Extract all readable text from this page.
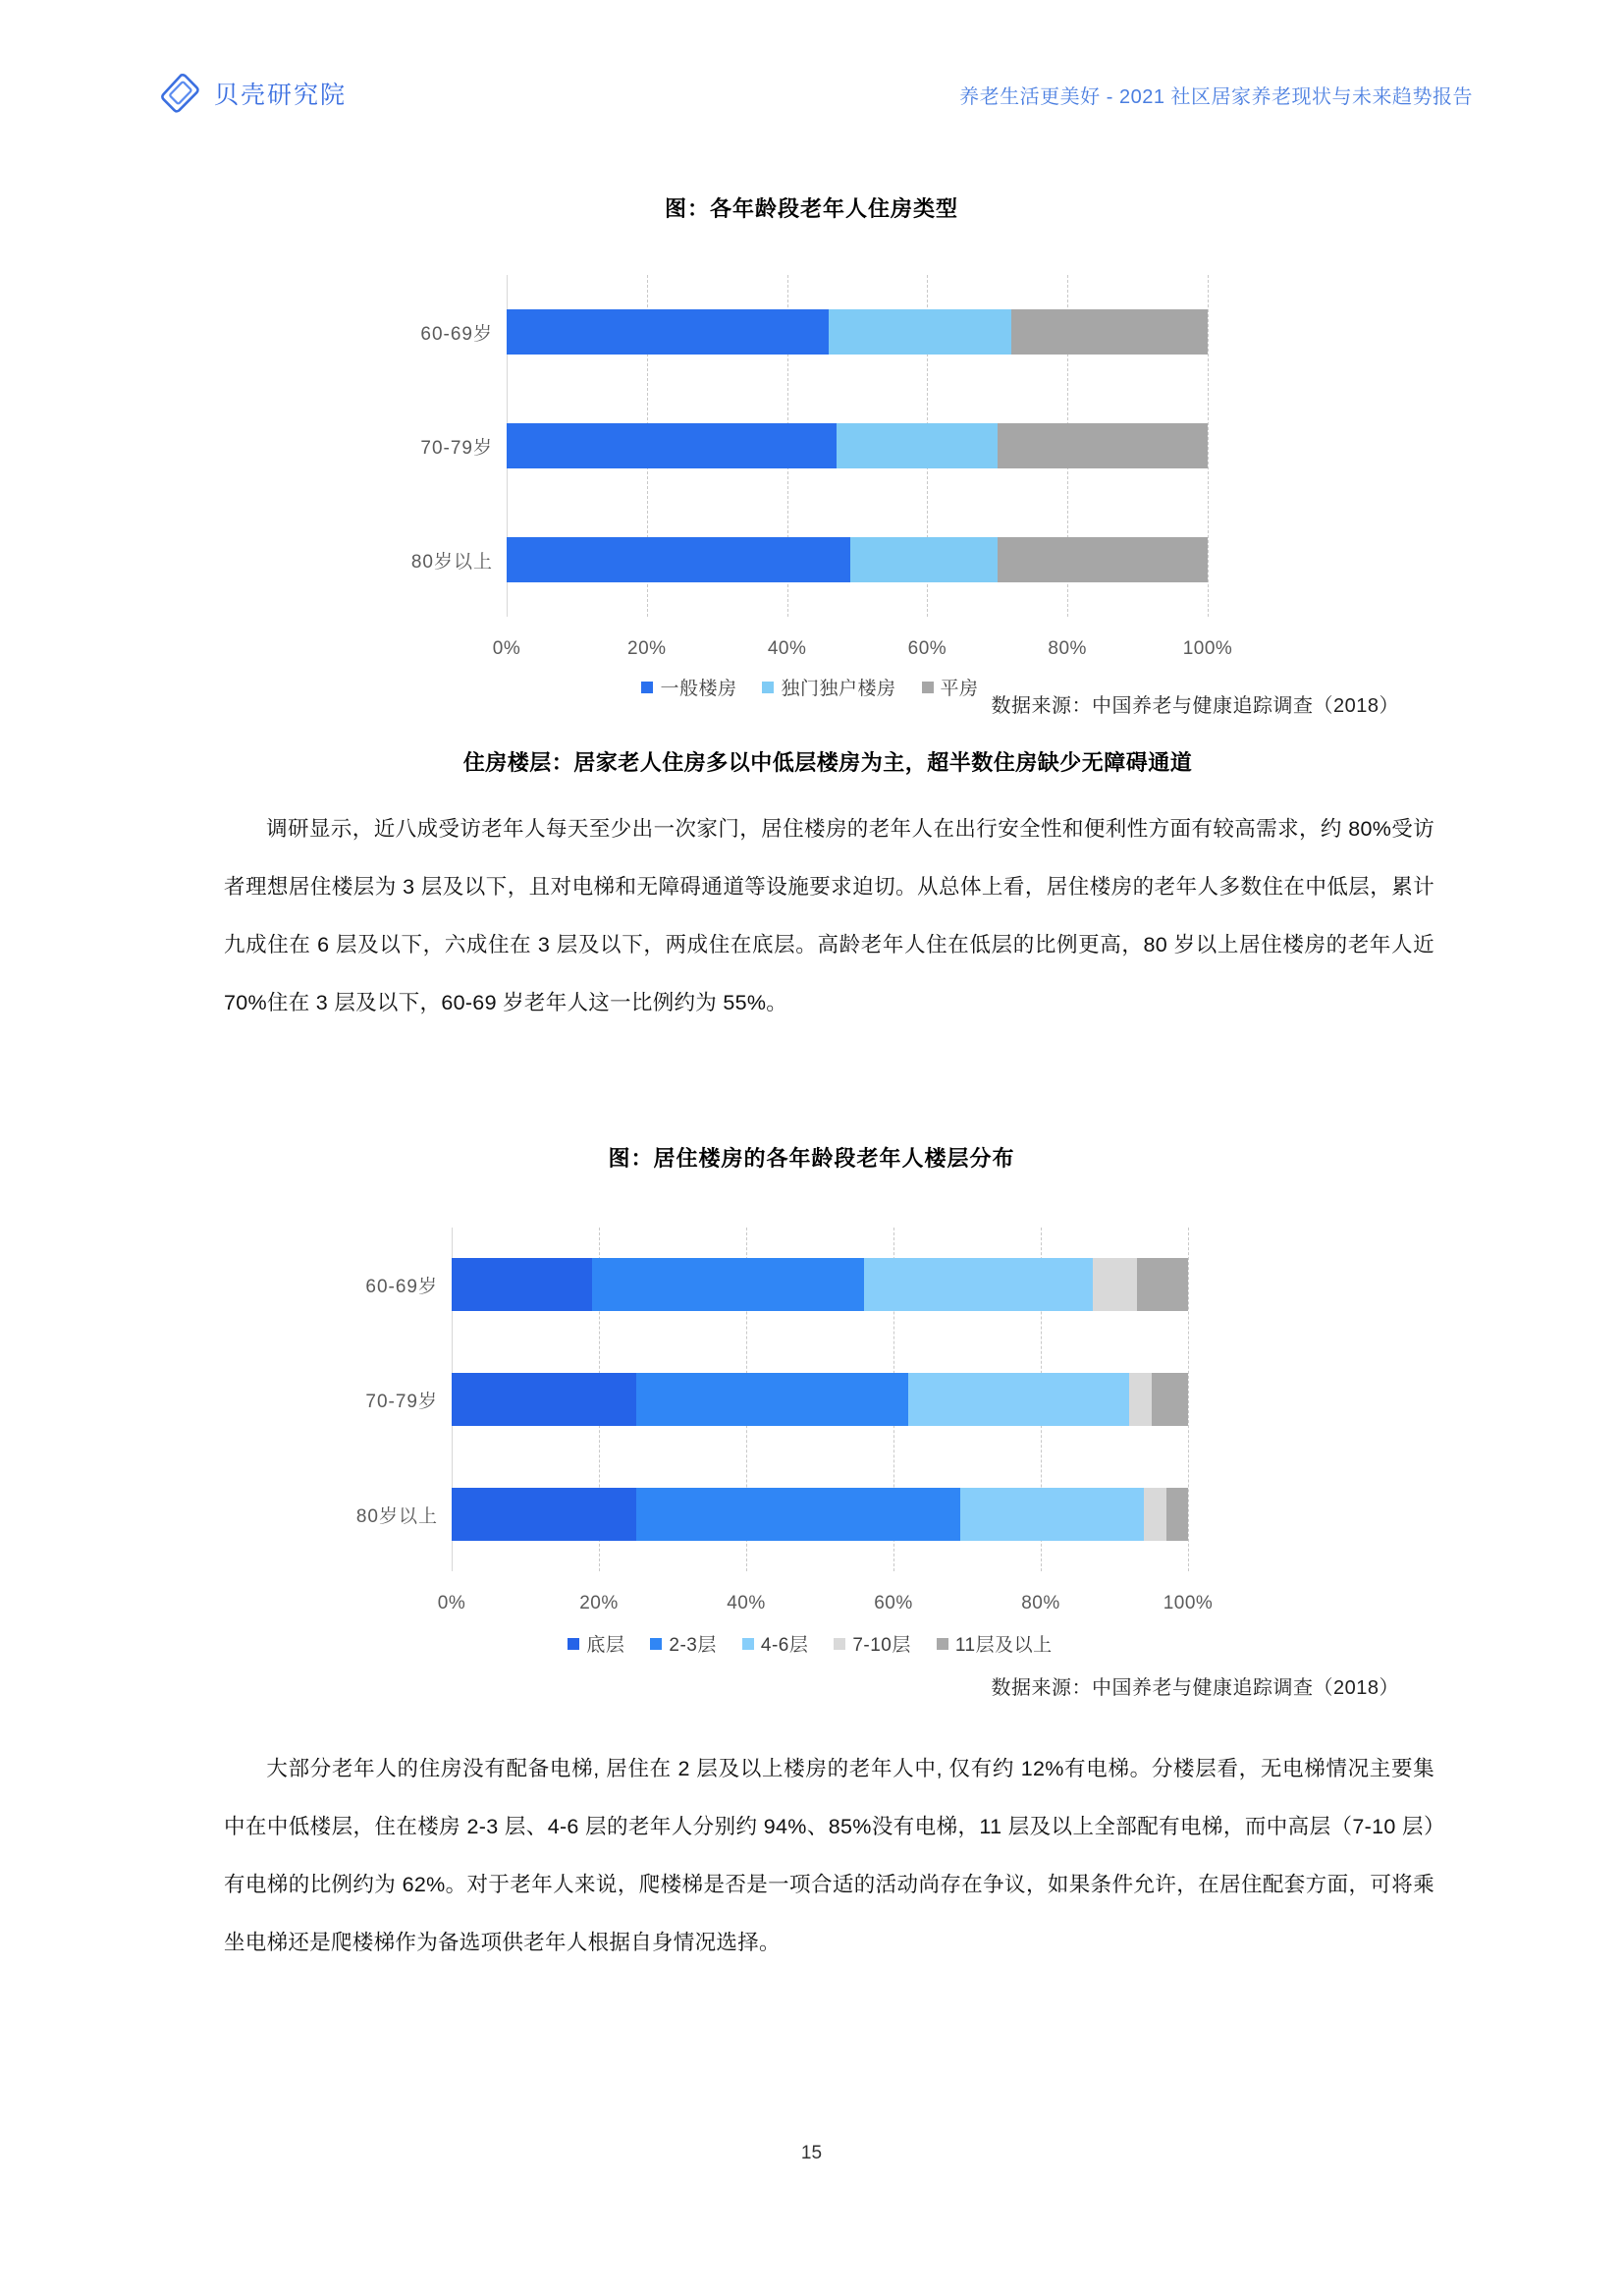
贝壳研究院	养老生活更美好 - 2021 社区居家养老现状与未来趋势报告
图：各年龄段老年人住房类型
60-69岁
70-79岁
80岁以上
0%	20%	40%	60%	80%	100%
一般楼房 独门独户楼房 平房
数据来源：中国养老与健康追踪调查（2018）
住房楼层：居家老人住房多以中低层楼房为主，超半数住房缺少无障碍通道
调研显示，近八成受访老年人每天至少出一次家门，居住楼房的老年人在出行安全性和便利性方面有较高需求，约 80%受访者理想居住楼层为 3 层及以下，且对电梯和无障碍通道等设施要求迫切。从总体上看，居住楼房的老年人多数住在中低层，累计九成住在 6 层及以下，六成住在 3 层及以下，两成住在底层。高龄老年人住在低层的比例更高，80 岁以上居住楼房的老年人近 70%住在 3 层及以下，60-69 岁老年人这一比例约为 55%。
图：居住楼房的各年龄段老年人楼层分布
60-69岁
70-79岁
80岁以上
0%	20%	40%	60%	80%	100%
底层 2-3层 4-6层 7-10层 11层及以上
数据来源：中国养老与健康追踪调查（2018）
大部分老年人的住房没有配备电梯, 居住在 2 层及以上楼房的老年人中, 仅有约 12%有电梯。分楼层看，无电梯情况主要集中在中低楼层，住在楼房 2-3 层、4-6 层的老年人分别约 94%、85%没有电梯，11 层及以上全部配有电梯，而中高层（7-10 层）有电梯的比例约为 62%。对于老年人来说，爬楼梯是否是一项合适的活动尚存在争议，如果条件允许，在居住配套方面，可将乘坐电梯还是爬楼梯作为备选项供老年人根据自身情况选择。
15
